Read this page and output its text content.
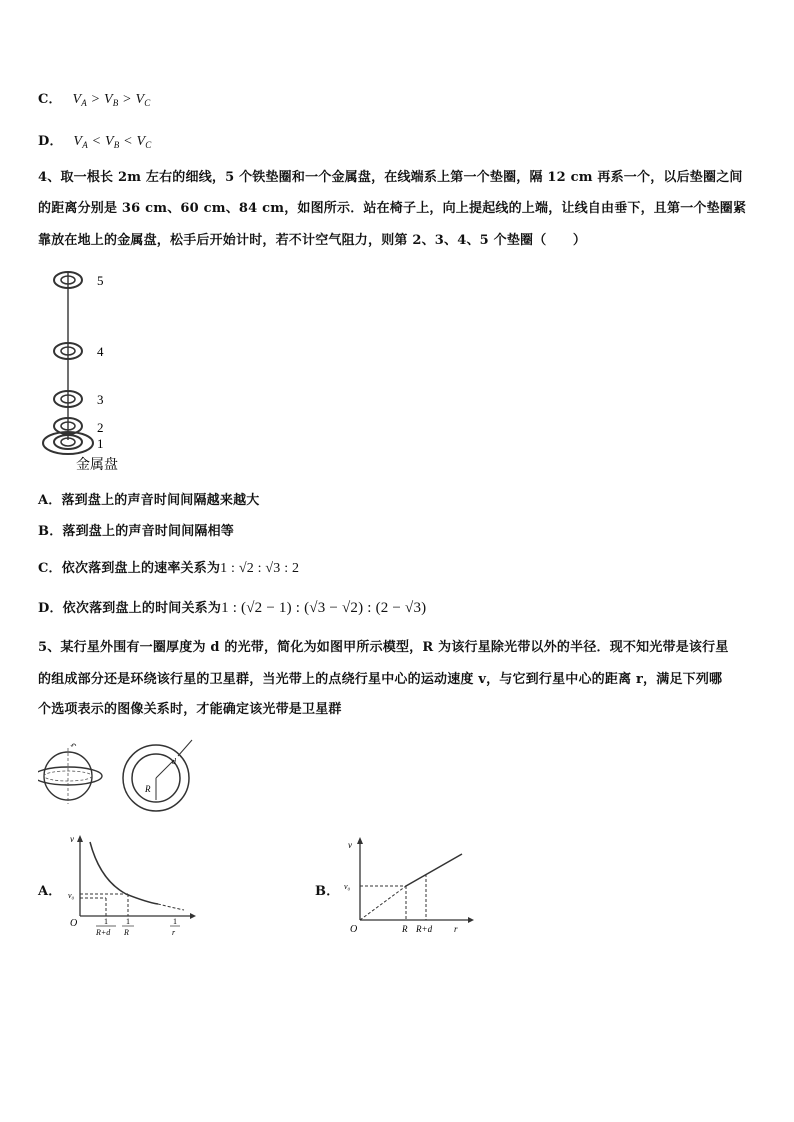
C． $V_A > V_B > V_C$
D． $V_A < V_B < V_C$
4、取一根长 2m 左右的细线，5 个铁垫圈和一个金属盘，在线端系上第一个垫圈，隔 12 cm 再系一个，以后垫圈之间
的距离分别是 36 cm、60 cm、84 cm，如图所示．站在椅子上，向上提起线的上端，让线自由垂下，且第一个垫圈紧
靠放在地上的金属盘，松手后开始计时，若不计空气阻力，则第 2、3、4、5 个垫圈（　　）
5
4
3
2
1
金属盘
A．落到盘上的声音时间间隔越来越大
B．落到盘上的声音时间间隔相等
C．依次落到盘上的速率关系为1 : √2 : √3 : 2
D．依次落到盘上的时间关系为1 : (√2 − 1) : (√3 − √2) : (2 − √3)
5、某行星外围有一圈厚度为 d 的光带，简化为如图甲所示模型，R 为该行星除光带以外的半径．现不知光带是该行星
的组成部分还是环绕该行星的卫星群，当光带上的点绕行星中心的运动速度 v，与它到行星中心的距离 r，满足下列哪
个选项表示的图像关系时，才能确定该光带是卫星群
↶
R
d
A．
v
v₀
O	1
R+d
1
R
1
r
B．
v
v₀
O	R R+d r
